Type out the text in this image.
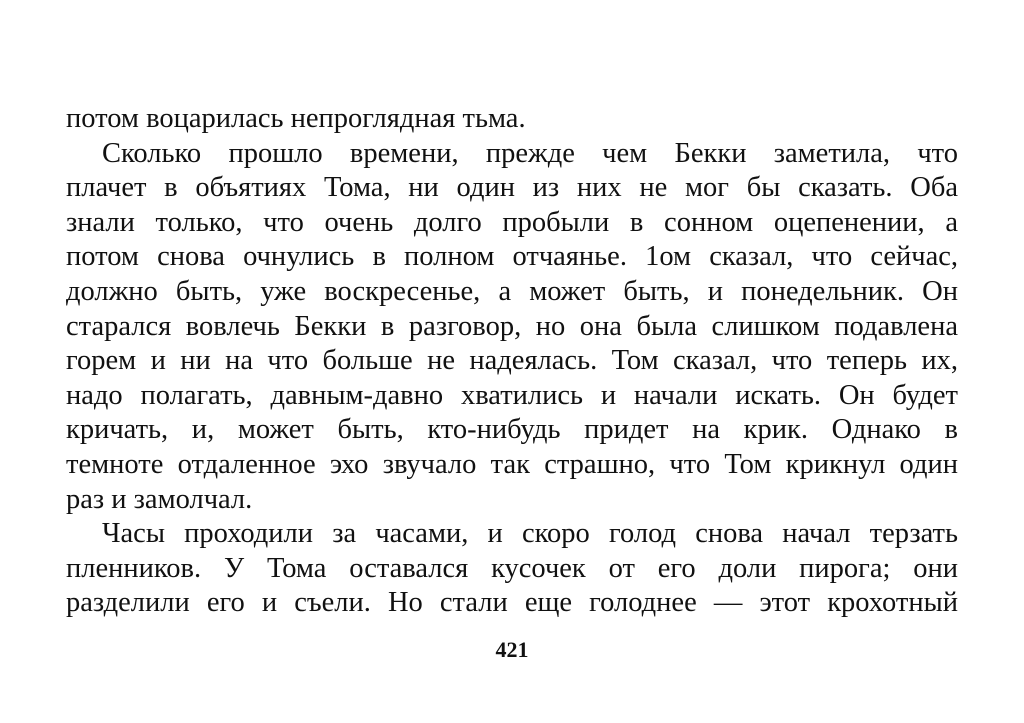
потом воцарилась непроглядная тьма.
Сколько прошло времени, прежде чем Бекки заметила, что
плачет в объятиях Тома, ни один из них не мог бы сказать. Оба
знали только, что очень долго пробыли в сонном оцепенении, а
потом снова очнулись в полном отчаянье. 1ом сказал, что сейчас,
должно быть, уже воскресенье, а может быть, и понедельник. Он
старался вовлечь Бекки в разговор, но она была слишком подавлена
горем и ни на что больше не надеялась. Том сказал, что теперь их,
надо полагать, давным-давно хватились и начали искать. Он будет
кричать, и, может быть, кто-нибудь придет на крик. Однако в
темноте отдаленное эхо звучало так страшно, что Том крикнул один
раз и замолчал.
Часы проходили за часами, и скоро голод снова начал терзать
пленников. У Тома оставался кусочек от его доли пирога; они
разделили его и съели. Но стали еще голоднее — этот крохотный
421
